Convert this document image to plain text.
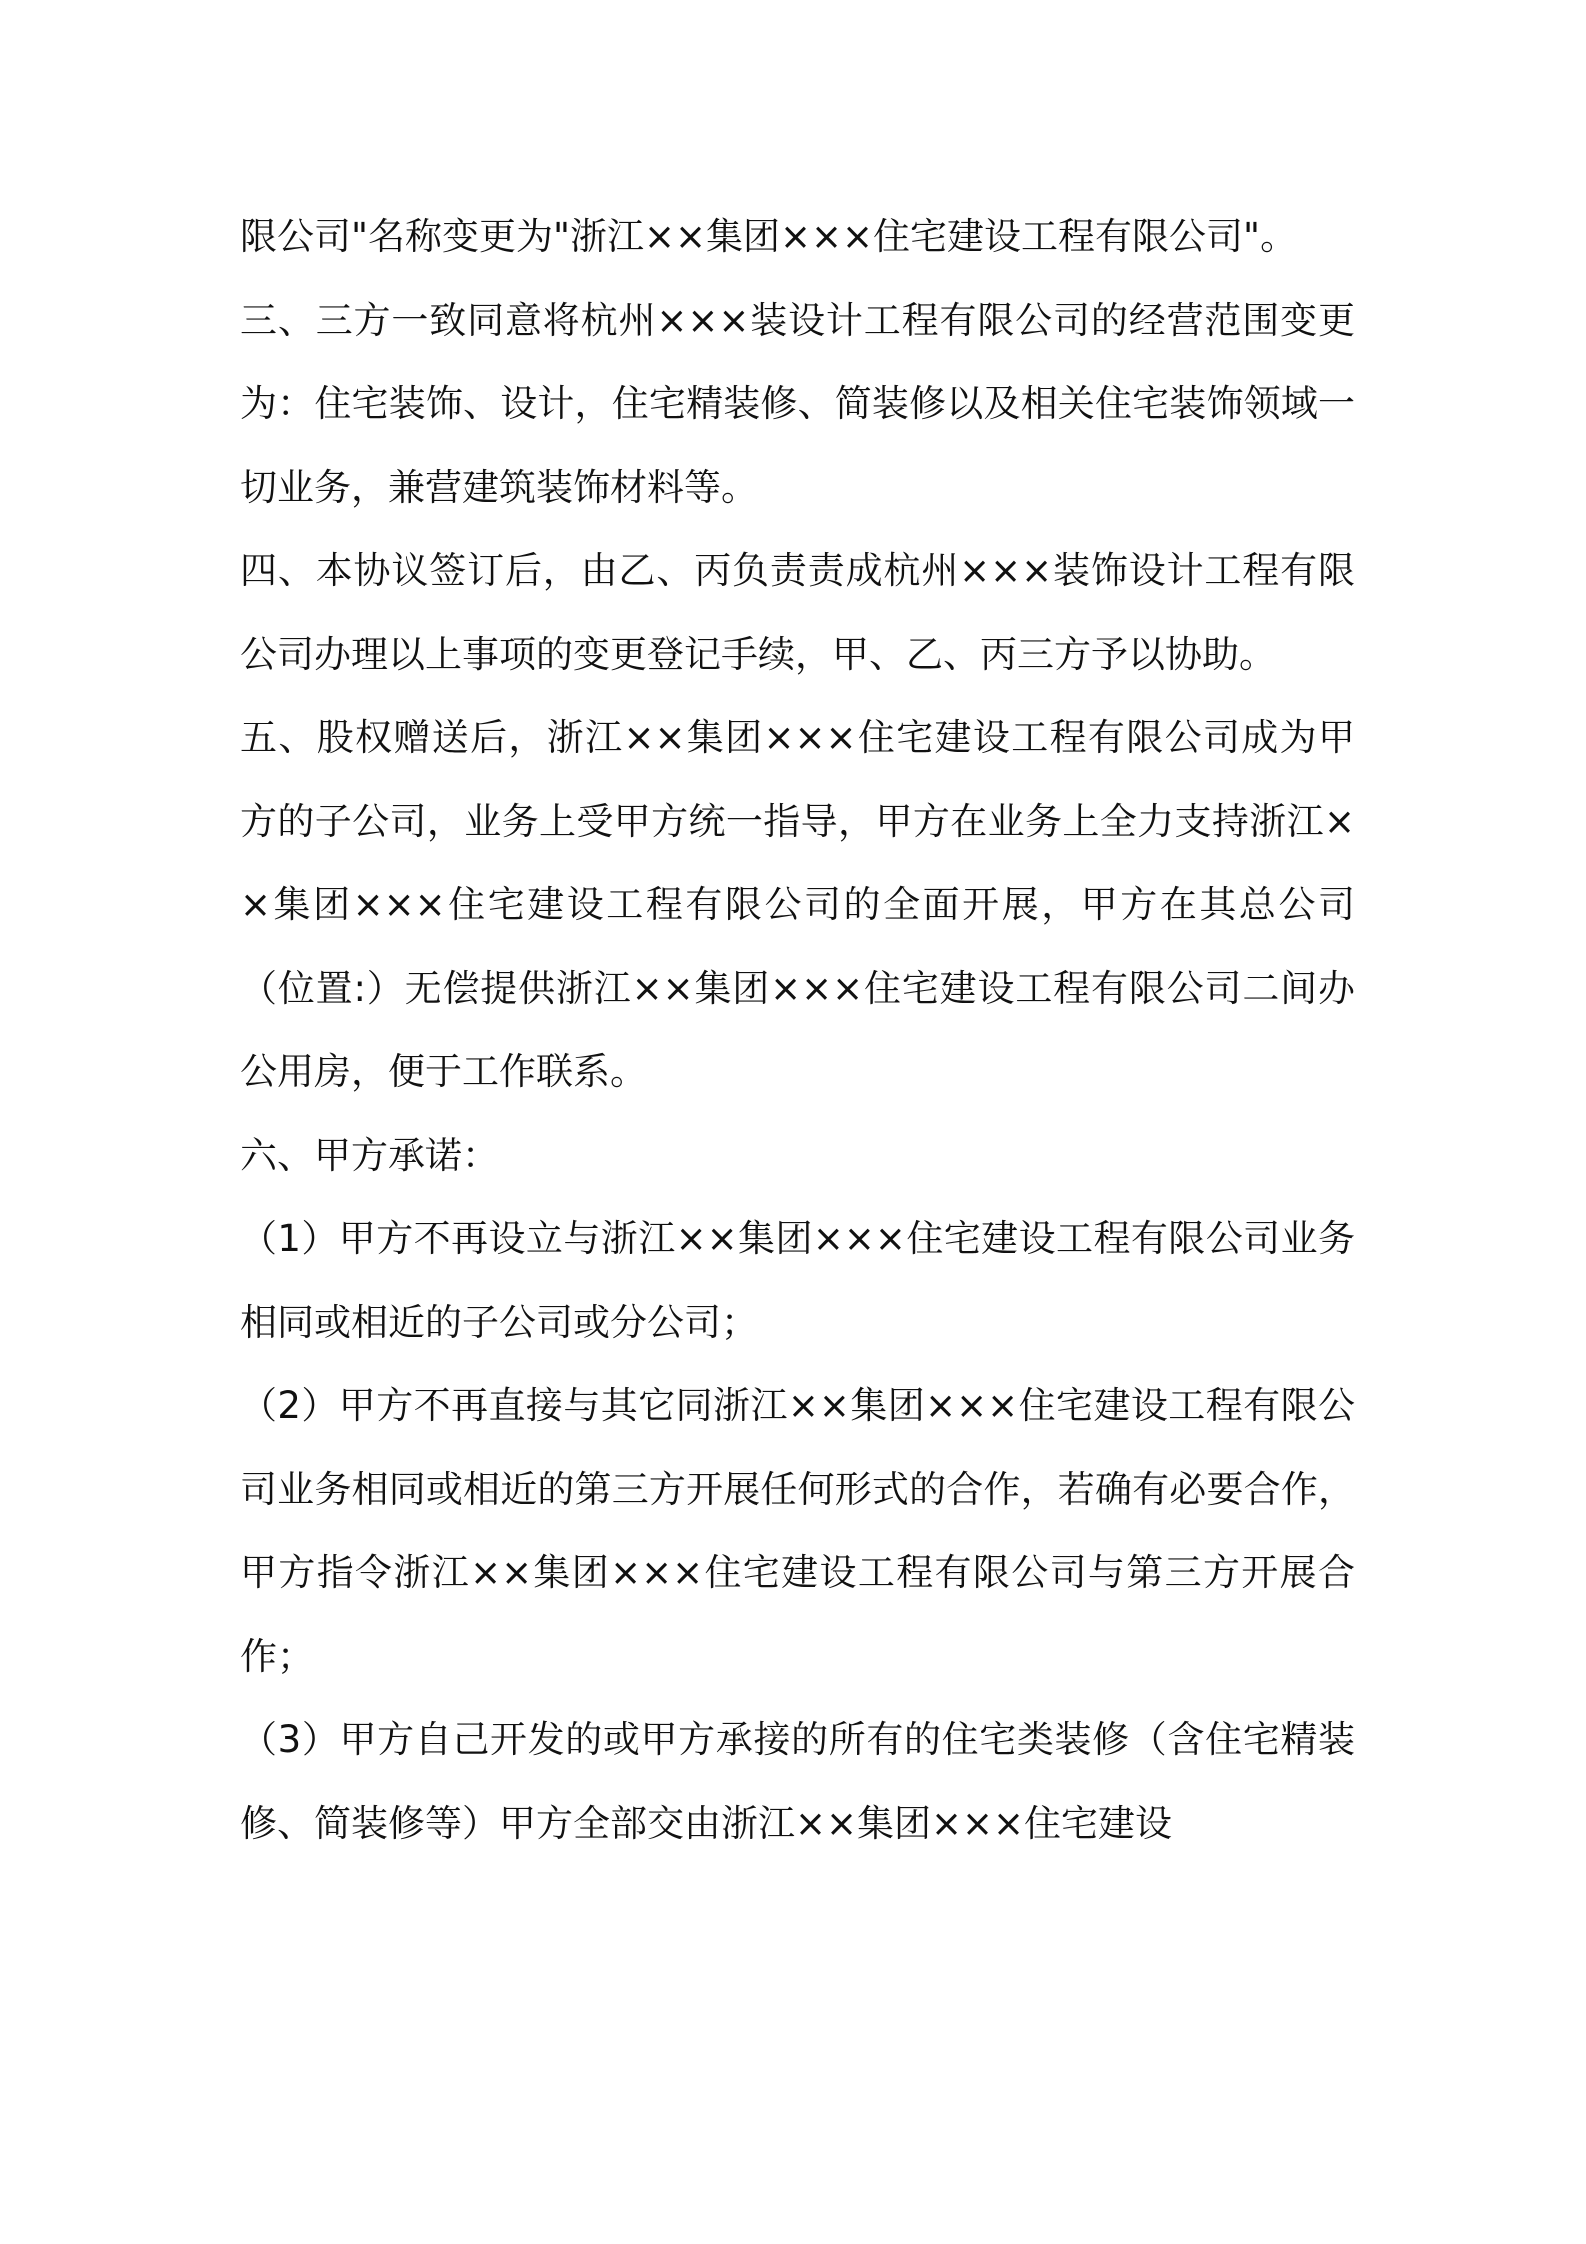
限公司"名称变更为"浙江××集团×××住宅建设工程有限公司"。

三、三方一致同意将杭州×××装设计工程有限公司的经营范围变更为：住宅装饰、设计，住宅精装修、简装修以及相关住宅装饰领域一切业务，兼营建筑装饰材料等。

四、本协议签订后，由乙、丙负责责成杭州×××装饰设计工程有限公司办理以上事项的变更登记手续，甲、乙、丙三方予以协助。

五、股权赠送后，浙江××集团×××住宅建设工程有限公司成为甲方的子公司，业务上受甲方统一指导，甲方在业务上全力支持浙江××集团×××住宅建设工程有限公司的全面开展，甲方在其总公司（位置:）无偿提供浙江××集团×××住宅建设工程有限公司二间办公用房，便于工作联系。

六、甲方承诺：

（1）甲方不再设立与浙江××集团×××住宅建设工程有限公司业务相同或相近的子公司或分公司；

（2）甲方不再直接与其它同浙江××集团×××住宅建设工程有限公司业务相同或相近的第三方开展任何形式的合作，若确有必要合作，甲方指令浙江××集团×××住宅建设工程有限公司与第三方开展合作；

（3）甲方自己开发的或甲方承接的所有的住宅类装修（含住宅精装修、简装修等）甲方全部交由浙江××集团×××住宅建设
